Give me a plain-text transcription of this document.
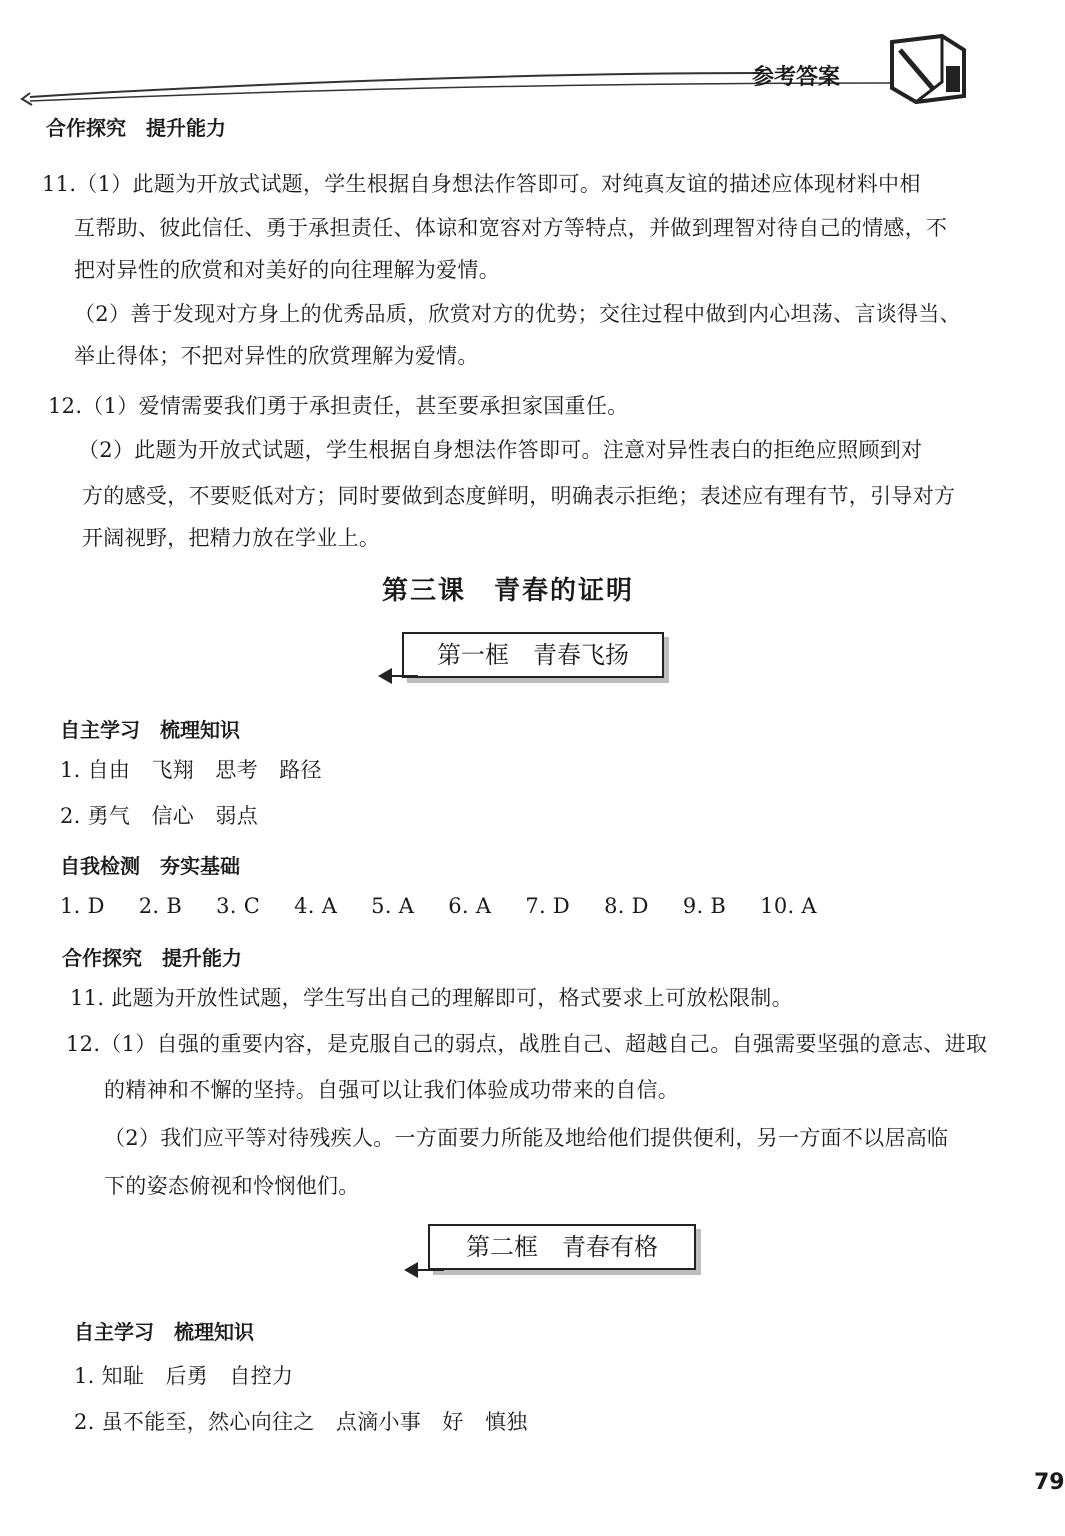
参考答案
合作探究　提升能力
11.（1）此题为开放式试题，学生根据自身想法作答即可。对纯真友谊的描述应体现材料中相
互帮助、彼此信任、勇于承担责任、体谅和宽容对方等特点，并做到理智对待自己的情感，不
把对异性的欣赏和对美好的向往理解为爱情。
（2）善于发现对方身上的优秀品质，欣赏对方的优势；交往过程中做到内心坦荡、言谈得当、
举止得体；不把对异性的欣赏理解为爱情。
12.（1）爱情需要我们勇于承担责任，甚至要承担家国重任。
（2）此题为开放式试题，学生根据自身想法作答即可。注意对异性表白的拒绝应照顾到对
方的感受，不要贬低对方；同时要做到态度鲜明，明确表示拒绝；表述应有理有节，引导对方
开阔视野，把精力放在学业上。
第三课　青春的证明
第一框　青春飞扬
自主学习　梳理知识
1. 自由　飞翔　思考　路径
2. 勇气　信心　弱点
自我检测　夯实基础
1. D 2. B 3. C 4. A 5. A 6. A 7. D 8. D 9. B 10. A
合作探究　提升能力
11. 此题为开放性试题，学生写出自己的理解即可，格式要求上可放松限制。
12.（1）自强的重要内容，是克服自己的弱点，战胜自己、超越自己。自强需要坚强的意志、进取
的精神和不懈的坚持。自强可以让我们体验成功带来的自信。
（2）我们应平等对待残疾人。一方面要力所能及地给他们提供便利，另一方面不以居高临
下的姿态俯视和怜悯他们。
第二框　青春有格
自主学习　梳理知识
1. 知耻　后勇　自控力
2. 虽不能至，然心向往之　点滴小事　好　慎独
79
